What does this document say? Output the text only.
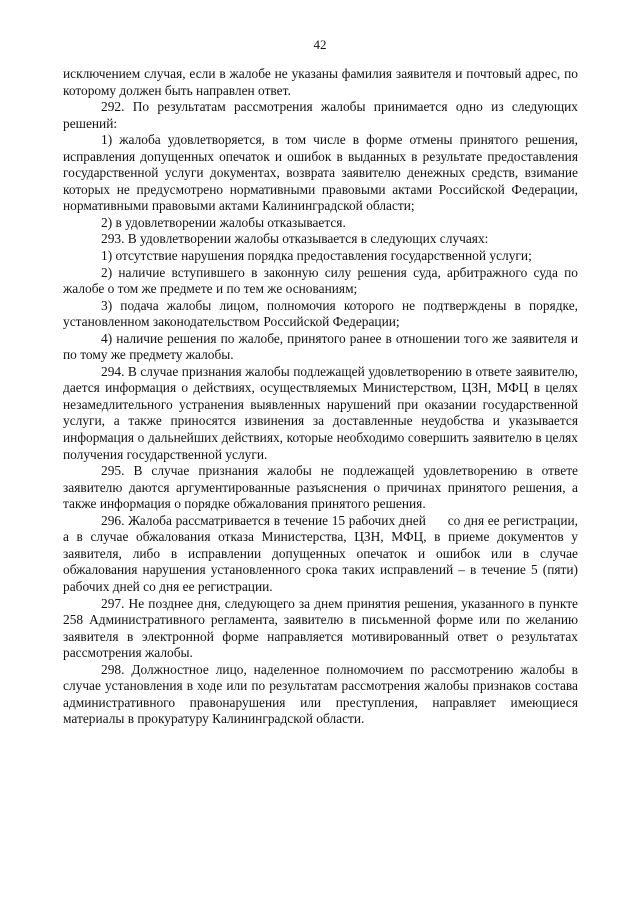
42

исключением случая, если в жалобе не указаны фамилия заявителя и почтовый адрес, по которому должен быть направлен ответ.

292. По результатам рассмотрения жалобы принимается одно из следующих решений:

1) жалоба удовлетворяется, в том числе в форме отмены принятого решения, исправления допущенных опечаток и ошибок в выданных в результате предоставления государственной услуги документах, возврата заявителю денежных средств, взимание которых не предусмотрено нормативными правовыми актами Российской Федерации, нормативными правовыми актами Калининградской области;

2) в удовлетворении жалобы отказывается.

293. В удовлетворении жалобы отказывается в следующих случаях:

1) отсутствие нарушения порядка предоставления государственной услуги;

2) наличие вступившего в законную силу решения суда, арбитражного суда по жалобе о том же предмете и по тем же основаниям;

3) подача жалобы лицом, полномочия которого не подтверждены в порядке, установленном законодательством Российской Федерации;

4) наличие решения по жалобе, принятого ранее в отношении того же заявителя и по тому же предмету жалобы.

294. В случае признания жалобы подлежащей удовлетворению в ответе заявителю, дается информация о действиях, осуществляемых Министерством, ЦЗН, МФЦ в целях незамедлительного устранения выявленных нарушений при оказании государственной услуги, а также приносятся извинения за доставленные неудобства и указывается информация о дальнейших действиях, которые необходимо совершить заявителю в целях получения государственной услуги.

295. В случае признания жалобы не подлежащей удовлетворению в ответе заявителю даются аргументированные разъяснения о причинах принятого решения, а также информация о порядке обжалования принятого решения.

296. Жалоба рассматривается в течение 15 рабочих дней      со дня ее регистрации, а в случае обжалования отказа Министерства, ЦЗН, МФЦ, в приеме документов у заявителя, либо в исправлении допущенных опечаток и ошибок или в случае обжалования нарушения установленного срока таких исправлений – в течение 5 (пяти) рабочих дней со дня ее регистрации.

297. Не позднее дня, следующего за днем принятия решения, указанного в пункте 258 Административного регламента, заявителю в письменной форме или по желанию заявителя в электронной форме направляется мотивированный ответ о результатах рассмотрения жалобы.

298. Должностное лицо, наделенное полномочием по рассмотрению жалобы в случае установления в ходе или по результатам рассмотрения жалобы признаков состава административного правонарушения или преступления, направляет имеющиеся материалы в прокуратуру Калининградской области.
